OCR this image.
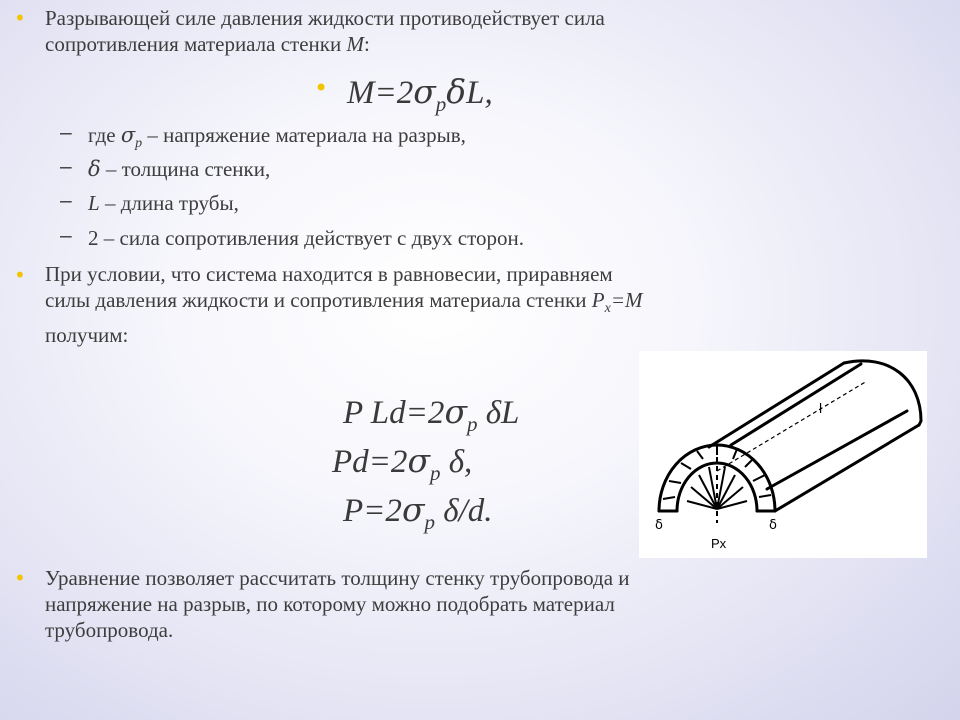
• Разрывающей силе давления жидкости противодействует сила
сопротивления материала стенки M:
• $M=2\sigma_р\delta L$,
– где $\sigma_р$ – напряжение материала на разрыв,
– δ – толщина стенки,
– L – длина трубы,
– 2 – сила сопротивления действует с двух сторон.
• При условии, что система находится в равновесии, приравняем
силы давления жидкости и сопротивления материала стенки $P_x=M$
получим:
P $Ld=2\sigma_р$ δL
$Pd=2\sigma_р$ δ,
$P=2\sigma_р$ δ/d.
l
δ	δ
Px
• Уравнение позволяет рассчитать толщину стенку трубопровода и
напряжение на разрыв, по которому можно подобрать материал
трубопровода.
